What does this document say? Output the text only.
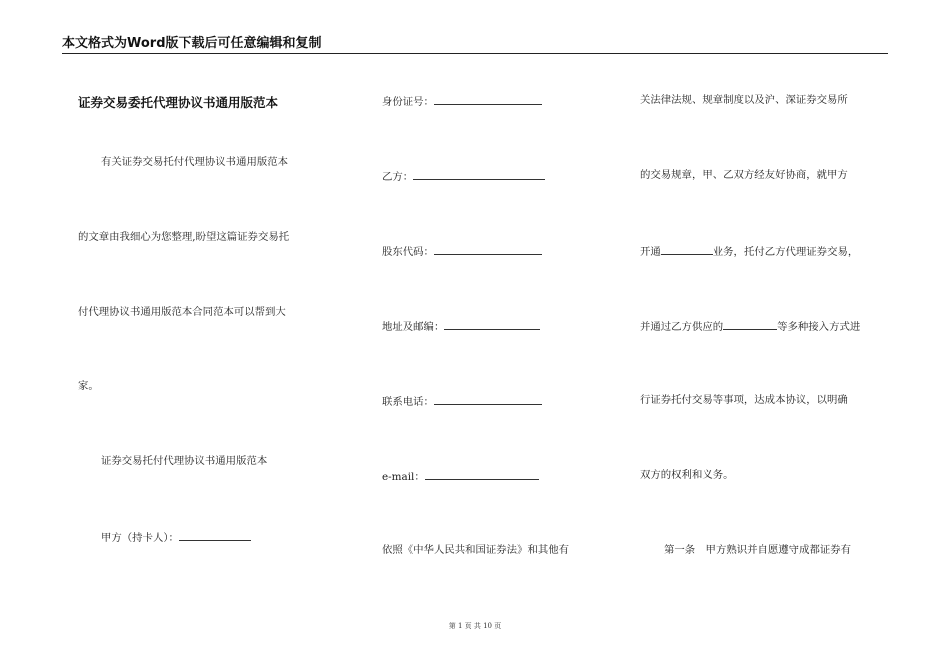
本文格式为Word版下载后可任意编辑和复制
证券交易委托代理协议书通用版范本
有关证券交易托付代理协议书通用版范本
的文章由我细心为您整理,盼望这篇证券交易托
付代理协议书通用版范本合同范本可以帮到大
家。
证券交易托付代理协议书通用版范本
甲方（持卡人）：
身份证号：
乙方：
股东代码：
地址及邮编：
联系电话：
e-mail：
依照《中华人民共和国证券法》和其他有
关法律法规、规章制度以及沪、深证券交易所
的交易规章，甲、乙双方经友好协商，就甲方
开通	业务，托付乙方代理证券交易，
并通过乙方供应的	等多种接入方式进
行证券托付交易等事项，达成本协议，以明确
双方的权利和义务。
第一条　甲方熟识并自愿遵守成都证券有
第 1 页 共 10 页
